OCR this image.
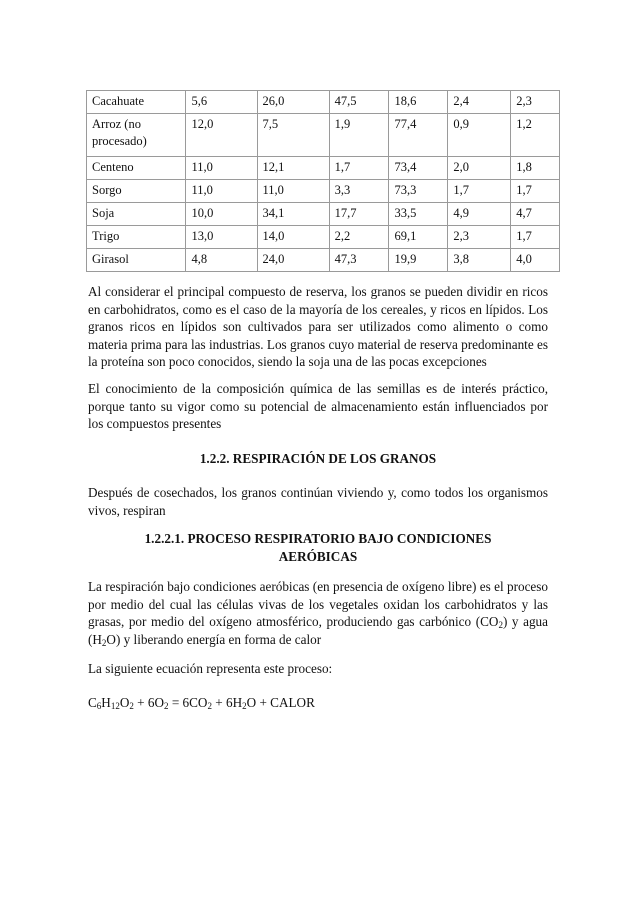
Cacahuate	5,6	26,0	47,5	18,6	2,4	2,3
Arroz (no procesado)	12,0	7,5	1,9	77,4	0,9	1,2
Centeno	11,0	12,1	1,7	73,4	2,0	1,8
Sorgo	11,0	11,0	3,3	73,3	1,7	1,7
Soja	10,0	34,1	17,7	33,5	4,9	4,7
Trigo	13,0	14,0	2,2	69,1	2,3	1,7
Girasol	4,8	24,0	47,3	19,9	3,8	4,0

Al considerar el principal compuesto de reserva, los granos se pueden dividir en ricos en carbohidratos, como es el caso de la mayoría de los cereales, y ricos en lípidos. Los granos ricos en lípidos son cultivados para ser utilizados como alimento o como materia prima para las industrias. Los granos cuyo material de reserva predominante es la proteína son poco conocidos, siendo la soja una de las pocas excepciones

El conocimiento de la composición química de las semillas es de interés práctico, porque tanto su vigor como su potencial de almacenamiento están influenciados por los compuestos presentes

1.2.2. RESPIRACIÓN DE LOS GRANOS

Después de cosechados, los granos continúan viviendo y, como todos los organismos vivos, respiran

1.2.2.1. PROCESO RESPIRATORIO BAJO CONDICIONES
AERÓBICAS

La respiración bajo condiciones aeróbicas (en presencia de oxígeno libre) es el proceso por medio del cual las células vivas de los vegetales oxidan los carbohidratos y las grasas, por medio del oxígeno atmosférico, produciendo gas carbónico $(CO_2)$ y agua $(H_2O)$ y liberando energía en forma de calor

La siguiente ecuación representa este proceso:

$C_6H_{12}O_2 + 6O_2 = 6CO_2 + 6H_2O$ + CALOR
